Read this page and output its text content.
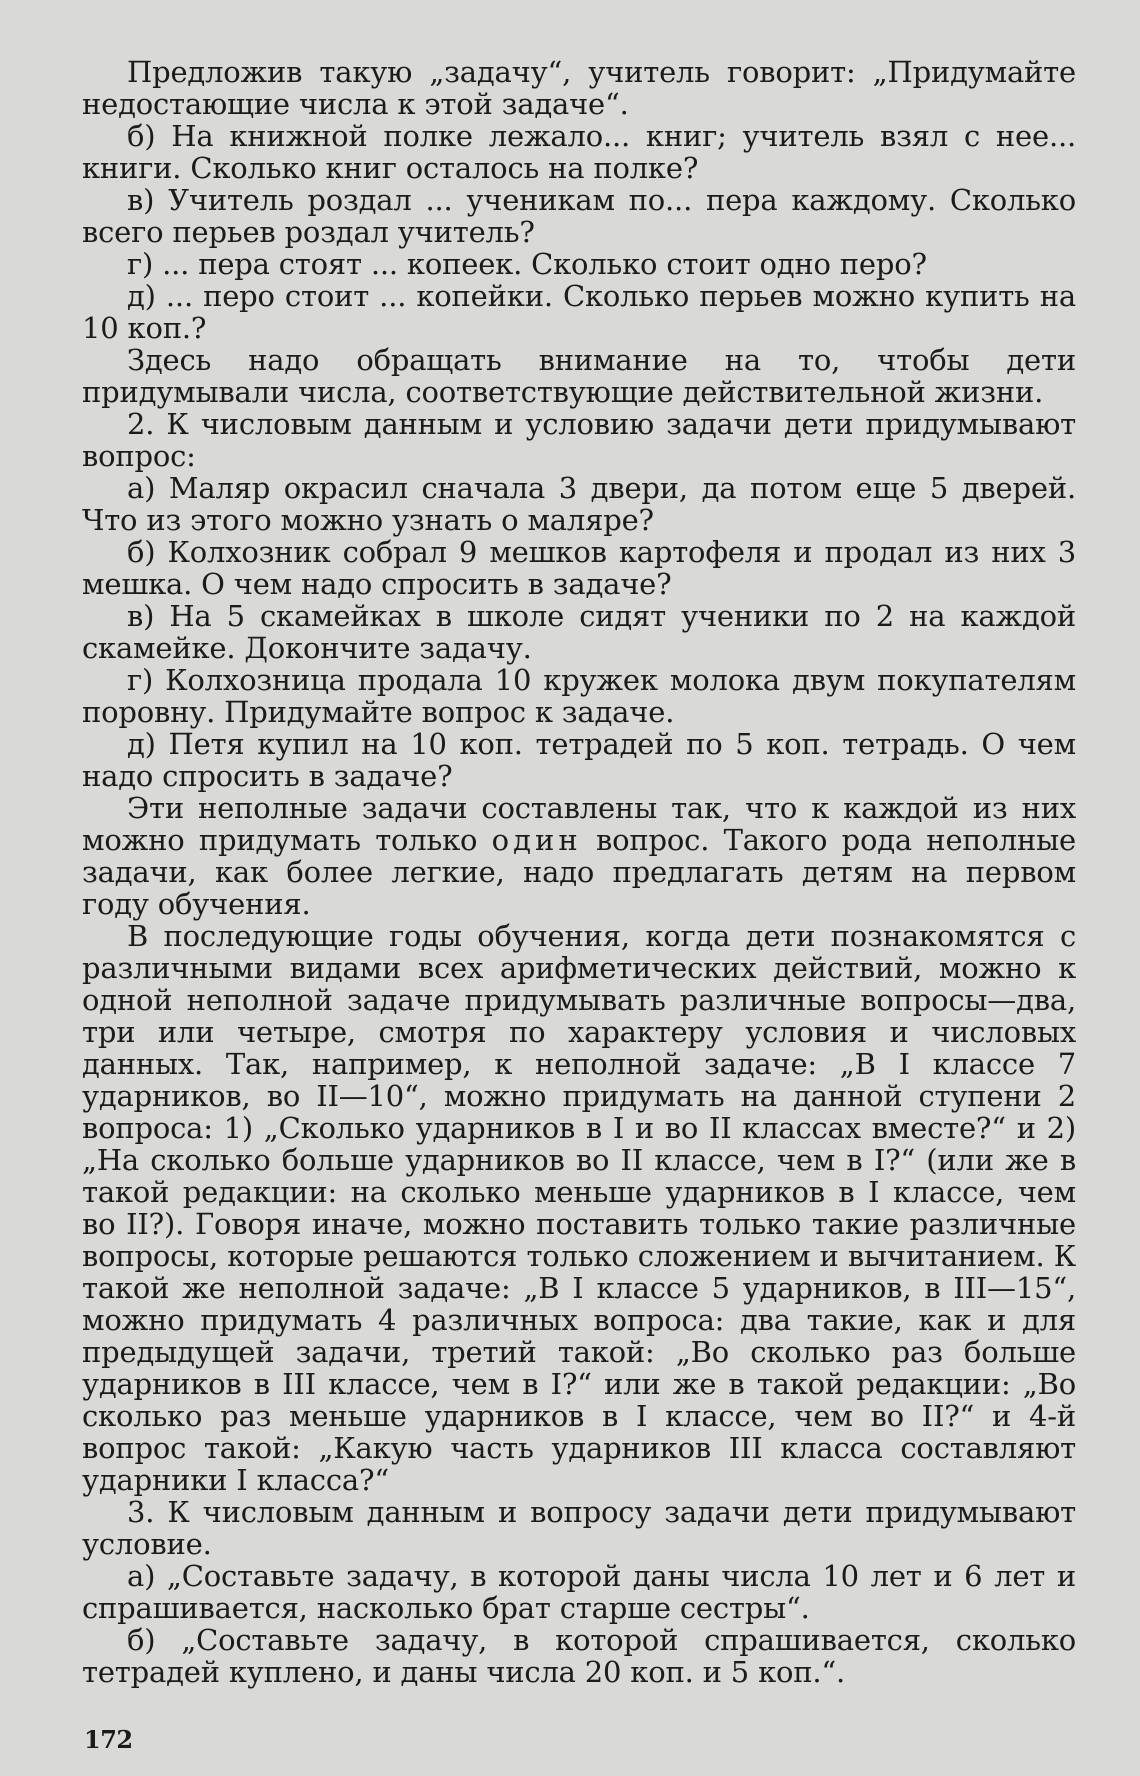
Предложив такую „задачу“, учитель говорит: „Придумайте недостающие числа к этой задаче“.

б) На книжной полке лежало... книг; учитель взял с нее... книги. Сколько книг осталось на полке?

в) Учитель роздал ... ученикам по... пера каждому. Сколько всего перьев роздал учитель?

г) ... пера стоят ... копеек. Сколько стоит одно перо?

д) ... перо стоит ... копейки. Сколько перьев можно купить на 10 коп.?

Здесь надо обращать внимание на то, чтобы дети придумывали числа, соответствующие действительной жизни.

2. К числовым данным и условию задачи дети придумывают вопрос:

а) Маляр окрасил сначала 3 двери, да потом еще 5 дверей. Что из этого можно узнать о маляре?

б) Колхозник собрал 9 мешков картофеля и продал из них 3 мешка. О чем надо спросить в задаче?

в) На 5 скамейках в школе сидят ученики по 2 на каждой скамейке. Докончите задачу.

г) Колхозница продала 10 кружек молока двум покупателям поровну. Придумайте вопрос к задаче.

д) Петя купил на 10 коп. тетрадей по 5 коп. тетрадь. О чем надо спросить в задаче?

Эти неполные задачи составлены так, что к каждой из них можно придумать только один вопрос. Такого рода неполные задачи, как более легкие, надо предлагать детям на первом году обучения.

В последующие годы обучения, когда дети познакомятся с различными видами всех арифметических действий, можно к одной неполной задаче придумывать различные вопросы—два, три или четыре, смотря по характеру условия и числовых данных. Так, например, к неполной задаче: „В I классе 7 ударников, во II—10“, можно придумать на данной ступени 2 вопроса: 1) „Сколько ударников в I и во II классах вместе?“ и 2) „На сколько больше ударников во II классе, чем в I?“ (или же в такой редакции: на сколько меньше ударников в I классе, чем во II?). Говоря иначе, можно поставить только такие различные вопросы, которые решаются только сложением и вычитанием. К такой же неполной задаче: „В I классе 5 ударников, в III—15“, можно придумать 4 различных вопроса: два такие, как и для предыдущей задачи, третий такой: „Во сколько раз больше ударников в III классе, чем в I?“ или же в такой редакции: „Во сколько раз меньше ударников в I классе, чем во II?“ и 4-й вопрос такой: „Какую часть ударников III класса составляют ударники I класса?“

3. К числовым данным и вопросу задачи дети придумывают условие.

а) „Составьте задачу, в которой даны числа 10 лет и 6 лет и спрашивается, насколько брат старше сестры“.

б) „Составьте задачу, в которой спрашивается, сколько тетрадей куплено, и даны числа 20 коп. и 5 коп.“.

172
